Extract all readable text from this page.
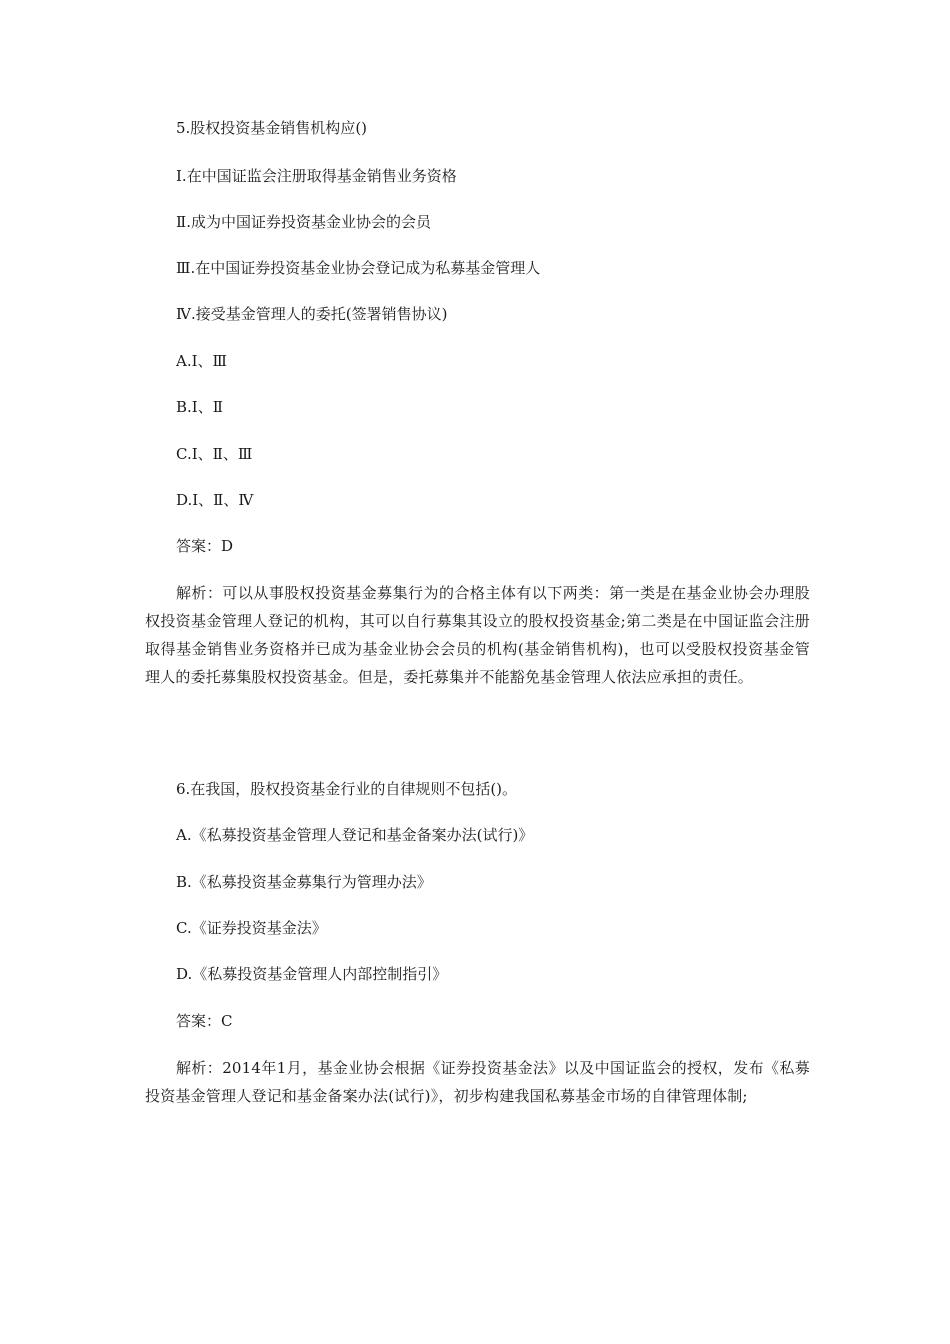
5.股权投资基金销售机构应()
Ⅰ.在中国证监会注册取得基金销售业务资格
Ⅱ.成为中国证券投资基金业协会的会员
Ⅲ.在中国证券投资基金业协会登记成为私募基金管理人
Ⅳ.接受基金管理人的委托(签署销售协议)
A.Ⅰ、Ⅲ
B.Ⅰ、Ⅱ
C.Ⅰ、Ⅱ、Ⅲ
D.Ⅰ、Ⅱ、Ⅳ
答案：D
解析：可以从事股权投资基金募集行为的合格主体有以下两类：第一类是在基金业协会办理股权投资基金管理人登记的机构，其可以自行募集其设立的股权投资基金;第二类是在中国证监会注册取得基金销售业务资格并已成为基金业协会会员的机构(基金销售机构)，也可以受股权投资基金管理人的委托募集股权投资基金。但是，委托募集并不能豁免基金管理人依法应承担的责任。
6.在我国，股权投资基金行业的自律规则不包括()。
A.《私募投资基金管理人登记和基金备案办法(试行)》
B.《私募投资基金募集行为管理办法》
C.《证券投资基金法》
D.《私募投资基金管理人内部控制指引》
答案：C
解析：2014年1月，基金业协会根据《证券投资基金法》以及中国证监会的授权，发布《私募投资基金管理人登记和基金备案办法(试行)》，初步构建我国私募基金市场的自律管理体制;
